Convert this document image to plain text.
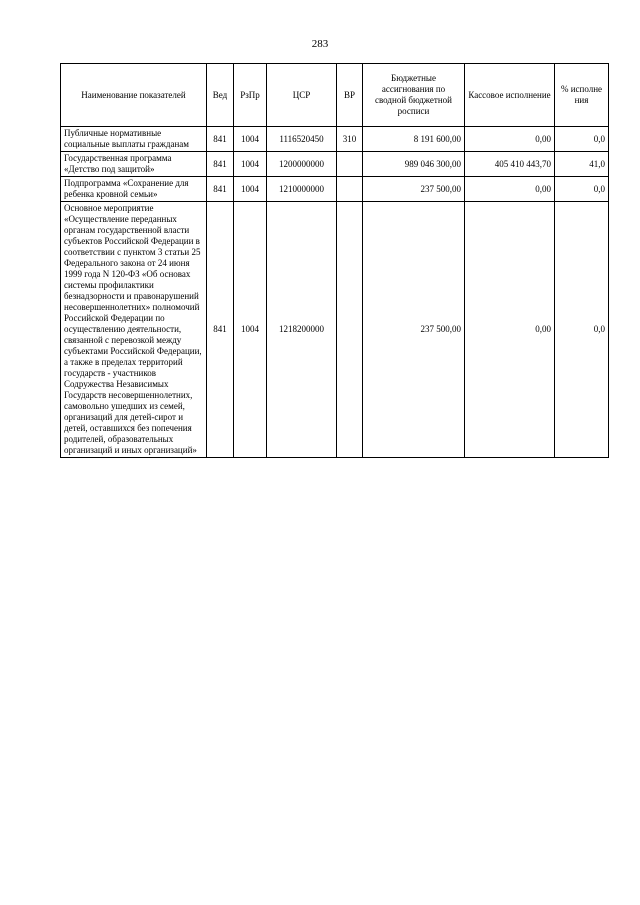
283
Наименование показателей	Вед	РзПр	ЦСР	ВР	Бюджетные ассигнования по сводной бюджетной росписи	Кассовое исполнение	% исполне ния
Публичные нормативные социальные выплаты гражданам	841	1004	1116520450	310	8 191 600,00	0,00	0,0
Государственная программа «Детство под защитой»	841	1004	1200000000		989 046 300,00	405 410 443,70	41,0
Подпрограмма «Сохранение для ребенка кровной семьи»	841	1004	1210000000		237 500,00	0,00	0,0
Основное мероприятие «Осуществление переданных органам государственной власти субъектов Российской Федерации в соответствии с пунктом 3 статьи 25 Федерального закона от 24 июня 1999 года N 120-ФЗ «Об основах системы профилактики безнадзорности и правонарушений несовершеннолетних» полномочий Российской Федерации по осуществлению деятельности, связанной с перевозкой между субъектами Российской Федерации, а также в пределах территорий государств - участников Содружества Независимых Государств несовершеннолетних, самовольно ушедших из семей, организаций для детей-сирот и детей, оставшихся без попечения родителей, образовательных организаций и иных организаций»	841	1004	1218200000		237 500,00	0,00	0,0
